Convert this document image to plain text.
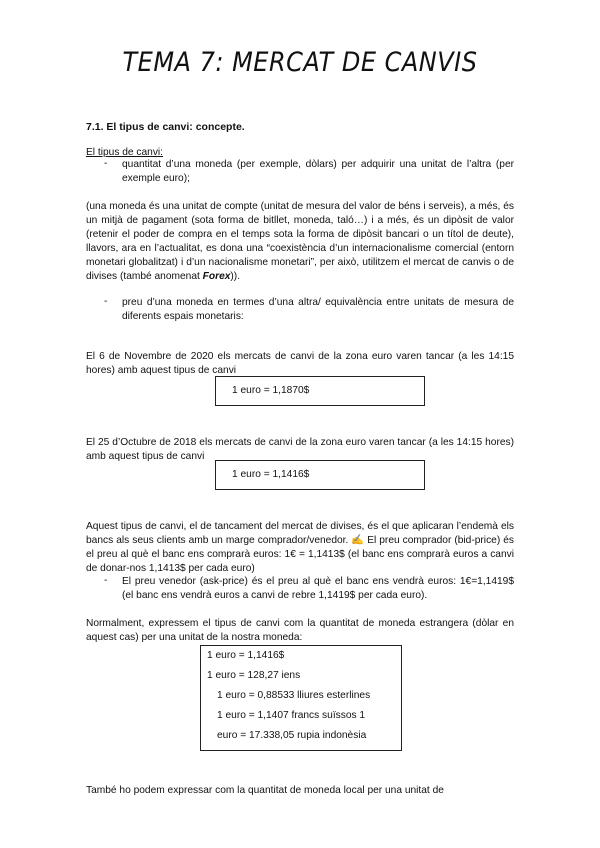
TEMA 7: MERCAT DE CANVIS
7.1. El tipus de canvi: concepte.
El tipus de canvi:
- quantitat d’una moneda (per exemple, dòlars) per adquirir una unitat de l’altra (per exemple euro);
(una moneda és una unitat de compte (unitat de mesura del valor de béns i serveis), a més, és un mitjà de pagament (sota forma de bitllet, moneda, taló…) i a més, és un dipòsit de valor (retenir el poder de compra en el temps sota la forma de dipòsit bancari o un títol de deute), llavors, ara en l’actualitat, es dona una “coexistència d’un internacionalisme comercial (entorn monetari globalitzat) i d’un nacionalisme monetari”, per això, utilitzem el mercat de canvis o de divises (també anomenat Forex)).
- preu d’una moneda en termes d’una altra/ equivalència entre unitats de mesura de diferents espais monetaris:
El 6 de Novembre de 2020 els mercats de canvi de la zona euro varen tancar (a les 14:15 hores) amb aquest tipus de canvi
1 euro = 1,1870$
El 25 d’Octubre de 2018 els mercats de canvi de la zona euro varen tancar (a les 14:15 hores) amb aquest tipus de canvi
1 euro = 1,1416$
Aquest tipus de canvi, el de tancament del mercat de divises, és el que aplicaran l’endemà els bancs als seus clients amb un marge comprador/venedor. ✍ El preu comprador (bid-price) és el preu al què el banc ens comprarà euros: 1€ = 1,1413$ (el banc ens comprarà euros a canvi de donar-nos 1,1413$ per cada euro)
- El preu venedor (ask-price) és el preu al què el banc ens vendrà euros: 1€=1,1419$ (el banc ens vendrà euros a canvi de rebre 1,1419$ per cada euro).
Normalment, expressem el tipus de canvi com la quantitat de moneda estrangera (dòlar en aquest cas) per una unitat de la nostra moneda:
1 euro = 1,1416$
1 euro = 128,27 iens
1 euro = 0,88533 lliures esterlines
1 euro = 1,1407 francs suïssos 1
euro = 17.338,05 rupia indonèsia
També ho podem expressar com la quantitat de moneda local per una unitat de
